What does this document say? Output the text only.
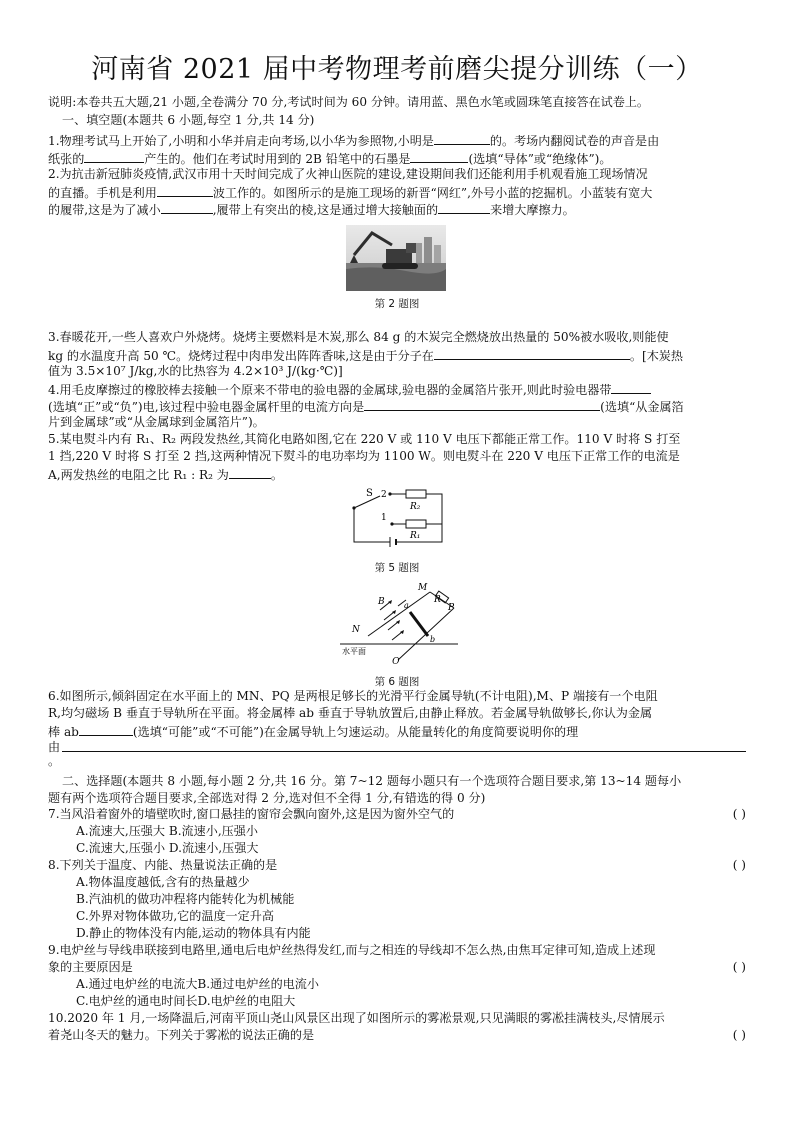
河南省 2021 届中考物理考前磨尖提分训练（一）
说明:本卷共五大题,21 小题,全卷满分 70 分,考试时间为 60 分钟。请用蓝、黑色水笔或圆珠笔直接答在试卷上。
一、填空题(本题共 6 小题,每空 1 分,共 14 分)
1.物理考试马上开始了,小明和小华并肩走向考场,以小华为参照物,小明是	的。考场内翻阅试卷的声音是由
纸张的	产生的。他们在考试时用到的 2B 铅笔中的石墨是	(选填“导体”或“绝缘体”)。
2.为抗击新冠肺炎疫情,武汉市用十天时间完成了火神山医院的建设,建设期间我们还能利用手机观看施工现场情况
的直播。手机是利用	波工作的。如图所示的是施工现场的新晋“网红”,外号小蓝的挖掘机。小蓝装有宽大
的履带,这是为了减小	,履带上有突出的棱,这是通过增大接触面的	来增大摩擦力。
第 2 题图
3.春暖花开,一些人喜欢户外烧烤。烧烤主要燃料是木炭,那么 84 g 的木炭完全燃烧放出热量的 50%被水吸收,则能使
kg 的水温度升高 50 ℃。烧烤过程中肉串发出阵阵香味,这是由于分子在	。[木炭热
值为 3.5×10⁷ J/kg,水的比热容为 4.2×10³ J/(kg·℃)]
4.用毛皮摩擦过的橡胶棒去接触一个原来不带电的验电器的金属球,验电器的金属箔片张开,则此时验电器带
(选填“正”或“负”)电,该过程中验电器金属杆里的电流方向是	(选填“从金属箔
片到金属球”或“从金属球到金属箔片”)。
5.某电熨斗内有 R₁、R₂ 两段发热丝,其简化电路如图,它在 220 V 或 110 V 电压下都能正常工作。110 V 时将 S 打至
1 挡,220 V 时将 S 打至 2 挡,这两种情况下熨斗的电功率均为 1100 W。则电熨斗在 220 V 电压下正常工作的电流是
A,两发热丝的电阻之比 R₁ : R₂ 为	。
S 2
1
R₂
R₁
第 5 题图
M
B a
R
P
N
b
Q
水平面
第 6 题图
6.如图所示,倾斜固定在水平面上的 MN、PQ 是两根足够长的光滑平行金属导轨(不计电阻),M、P 端接有一个电阻
R,均匀磁场 B 垂直于导轨所在平面。将金属棒 ab 垂直于导轨放置后,由静止释放。若金属导轨做够长,你认为金属
棒 ab	(选填“可能”或“不可能”)在金属导轨上匀速运动。从能量转化的角度简要说明你的理
由
。
二、选择题(本题共 8 小题,每小题 2 分,共 16 分。第 7~12 题每小题只有一个选项符合题目要求,第 13~14 题每小
题有两个选项符合题目要求,全部选对得 2 分,选对但不全得 1 分,有错选的得 0 分)
7.当风沿着窗外的墙壁吹时,窗口悬挂的窗帘会飘向窗外,这是因为窗外空气的	( )
A.流速大,压强大 B.流速小,压强小
C.流速大,压强小 D.流速小,压强大
8.下列关于温度、内能、热量说法正确的是	( )
A.物体温度越低,含有的热量越少
B.汽油机的做功冲程将内能转化为机械能
C.外界对物体做功,它的温度一定升高
D.静止的物体没有内能,运动的物体具有内能
9.电炉丝与导线串联接到电路里,通电后电炉丝热得发红,而与之相连的导线却不怎么热,由焦耳定律可知,造成上述现
象的主要原因是	( )
A.通过电炉丝的电流大B.通过电炉丝的电流小
C.电炉丝的通电时间长D.电炉丝的电阻大
10.2020 年 1 月,一场降温后,河南平顶山尧山风景区出现了如图所示的雾凇景观,只见满眼的雾凇挂满枝头,尽情展示
着尧山冬天的魅力。下列关于雾凇的说法正确的是	( )
